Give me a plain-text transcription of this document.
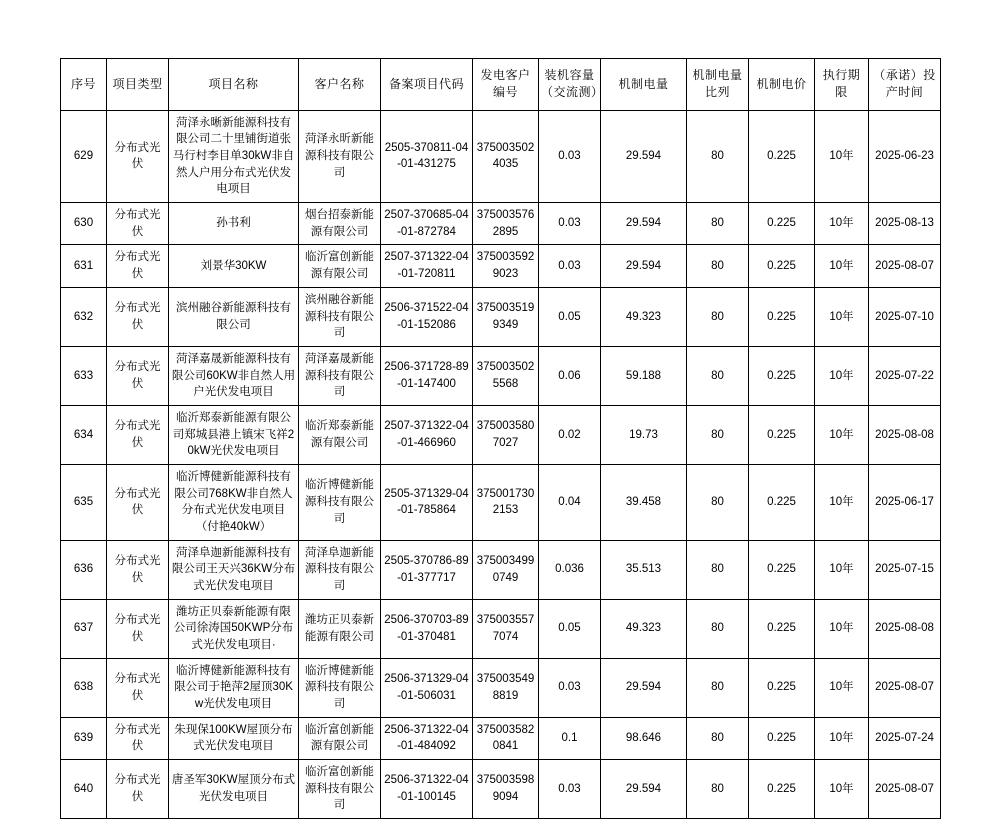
序号	项目类型	项目名称	客户名称	备案项目代码	发电客户编号	装机容量（交流测）	机制电量	机制电量比列	机制电价	执行期限	（承诺）投产时间
629	分布式光伏	菏泽永晰新能源科技有限公司二十里铺街道张马行村李目单30kW非自然人户用分布式光伏发电项目	菏泽永昕新能源科技有限公司	2505-370811-04-01-431275	3750035024035	0.03	29.594	80	0.225	10年	2025-06-23
630	分布式光伏	孙书利	烟台招泰新能源有限公司	2507-370685-04-01-872784	3750035762895	0.03	29.594	80	0.225	10年	2025-08-13
631	分布式光伏	刘景华30KW	临沂富创新能源有限公司	2507-371322-04-01-720811	3750035929023	0.03	29.594	80	0.225	10年	2025-08-07
632	分布式光伏	滨州融谷新能源科技有限公司	滨州融谷新能源科技有限公司	2506-371522-04-01-152086	3750035199349	0.05	49.323	80	0.225	10年	2025-07-10
633	分布式光伏	菏泽嘉晟新能源科技有限公司60KW非自然人用户光伏发电项目	菏泽嘉晟新能源科技有限公司	2506-371728-89-01-147400	3750035025568	0.06	59.188	80	0.225	10年	2025-07-22
634	分布式光伏	临沂郑泰新能源有限公司郑城县港上镇宋飞祥20kW光伏发电项目	临沂郑泰新能源有限公司	2507-371322-04-01-466960	3750035807027	0.02	19.73	80	0.225	10年	2025-08-08
635	分布式光伏	临沂博健新能源科技有限公司768KW非自然人分布式光伏发电项目（付艳40kW）	临沂博健新能源科技有限公司	2505-371329-04-01-785864	3750017302153	0.04	39.458	80	0.225	10年	2025-06-17
636	分布式光伏	菏泽阜迦新能源科技有限公司王天兴36KW分布式光伏发电项目	菏泽阜迦新能源科技有限公司	2505-370786-89-01-377717	3750034990749	0.036	35.513	80	0.225	10年	2025-07-15
637	分布式光伏	潍坊正贝泰新能源有限公司徐涛国50KWP分布式光伏发电项目·	潍坊正贝泰新能源有限公司	2506-370703-89-01-370481	3750035577074	0.05	49.323	80	0.225	10年	2025-08-08
638	分布式光伏	临沂博健新能源科技有限公司于艳萍2屋顶30Kw光伏发电项目	临沂博健新能源科技有限公司	2506-371329-04-01-506031	3750035498819	0.03	29.594	80	0.225	10年	2025-08-07
639	分布式光伏	朱现保100KW屋顶分布式光伏发电项目	临沂富创新能源有限公司	2506-371322-04-01-484092	3750035820841	0.1	98.646	80	0.225	10年	2025-07-24
640	分布式光伏	唐圣军30KW屋顶分布式光伏发电项目	临沂富创新能源科技有限公司	2506-371322-04-01-100145	3750035989094	0.03	29.594	80	0.225	10年	2025-08-07
